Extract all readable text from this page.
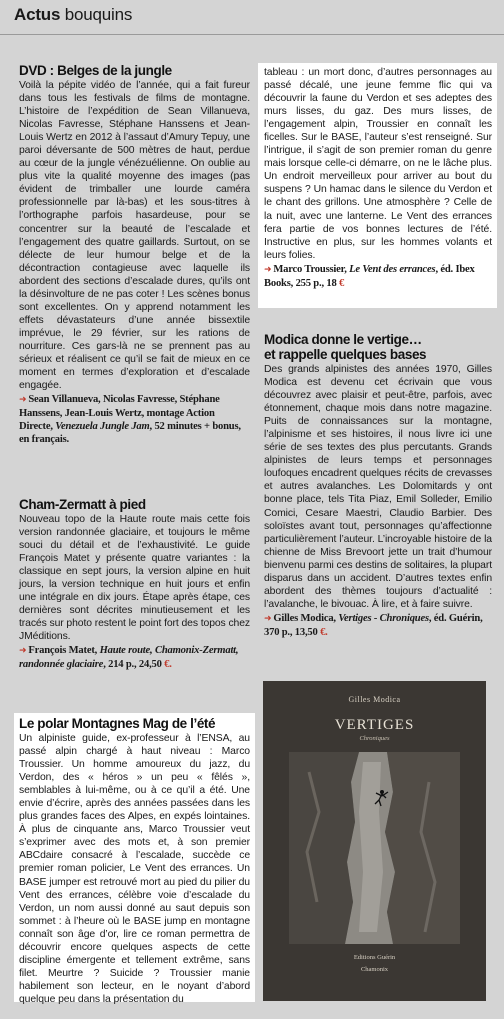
Actus bouquins
DVD : Belges de la jungle

Voilà la pépite vidéo de l’année, qui a fait fureur dans tous les festivals de films de montagne. L’histoire de l’expédition de Sean Villanueva, Nicolas Favresse, Stéphane Hanssens et Jean-Louis Wertz en 2012 à l’assaut d’Amury Tepuy, une paroi déversante de 500 mètres de haut, perdue au cœur de la jungle vénézuélienne. On oublie au plus vite la qualité moyenne des images (pas évident de trimballer une lourde caméra professionnelle par là-bas) et les sous-titres à l’orthographe parfois hasardeuse, pour se concentrer sur la beauté de l’escalade et l’engagement des quatre gaillards. Surtout, on se délecte de leur humour belge et de la décontraction contagieuse avec laquelle ils abordent des sections d’escalade dures, qu’ils ont la désinvolture de ne pas coter ! Les scènes bonus sont excellentes. On y apprend notamment les effets dévastateurs d’une année bissextile imprévue, le 29 février, sur les rations de nourriture. Ces gars-là ne se prennent pas au sérieux et réalisent ce qu’il se fait de mieux en ce moment en termes d’exploration et d’escalade engagée.

➜ Sean Villanueva, Nicolas Favresse, Stéphane Hanssens, Jean-Louis Wertz, montage Action Directe, Venezuela Jungle Jam, 52 minutes + bonus, en français.
Cham-Zermatt à pied

Nouveau topo de la Haute route mais cette fois version randonnée glaciaire, et toujours le même souci du détail et de l’exhaustivité. Le guide François Matet y présente quatre variantes : la classique en sept jours, la version alpine en huit jours, la version technique en huit jours et enfin une intégrale en dix jours. Étape après étape, ces dernières sont décrites minutieusement et les tracés sur photo restent le point fort des topos chez JMéditions.

➜ François Matet, Haute route, Chamonix-Zermatt, randonnée glaciaire, 214 p., 24,50 €.
Le polar Montagnes Mag de l’été

Un alpiniste guide, ex-professeur à l’ENSA, au passé alpin chargé à haut niveau : Marco Troussier. Un homme amoureux du jazz, du Verdon, des « héros » un peu « fêlés », semblables à lui-même, ou à ce qu’il a été. Une envie d’écrire, après des années passées dans les plus grandes faces des Alpes, en expés lointaines. À plus de cinquante ans, Marco Troussier veut s’exprimer avec des mots et, à son premier ABCdaire consacré à l’escalade, succède ce premier roman policier, Le Vent des errances. Un BASE jumper est retrouvé mort au pied du pilier du Vent des errances, célèbre voie d’escalade du Verdon, un nom aussi donné au saut depuis son sommet : à l’heure où le BASE jump en montagne connaît son âge d’or, lire ce roman permettra de découvrir encore quelques aspects de cette discipline émergente et tellement extrême, sans filet. Meurtre ? Suicide ? Troussier manie habilement son lecteur, en le noyant d’abord quelque peu dans la présentation du

tableau : un mort donc, d’autres personnages au passé décalé, une jeune femme flic qui va découvrir la faune du Verdon et ses adeptes des murs lisses, du gaz. Des murs lisses, de l’engagement alpin, Troussier en connaît les ficelles. Sur le BASE, l’auteur s’est renseigné. Sur l’intrigue, il s’agit de son premier roman du genre mais lorsque celle-ci démarre, on ne le lâche plus. Un endroit merveilleux pour arriver au bout du suspens ? Un hamac dans le silence du Verdon et le chant des grillons. Une atmosphère ? Celle de la nuit, avec une lanterne. Le Vent des errances fera partie de vos bonnes lectures de l’été. Instructive en plus, sur les hommes volants et leurs folies.

➜ Marco Troussier, Le Vent des errances, éd. Ibex Books, 255 p., 18 €
Modica donne le vertige…
et rappelle quelques bases

Des grands alpinistes des années 1970, Gilles Modica est devenu cet écrivain que vous découvrez avec plaisir et peut-être, parfois, avec étonnement, chaque mois dans notre magazine. Puits de connaissances sur la montagne, l’alpinisme et ses histoires, il nous livre ici une série de ses textes des plus percutants. Grands alpinistes de leurs temps et personnages loufoques encadrent quelques récits de crevasses et autres avalanches. Les Dolomitards y ont bonne place, tels Tita Piaz, Emil Solleder, Emilio Comici, Cesare Maestri, Claudio Barbier. Des soloïstes avant tout, personnages qu’affectionne particulièrement l’auteur. L’incroyable histoire de la chienne de Miss Brevoort jette un trait d’humour bienvenu parmi ces destins de solitaires, la plupart disparus dans un accident. D’autres textes enfin abordent des thèmes toujours d’actualité : l’avalanche, le bivouac. À lire, et à faire suivre.

➜ Gilles Modica, Vertiges - Chroniques, éd. Guérin, 370 p., 13,50 €.
Gilles Modica
VERTIGES
Chroniques
Editions Guérin
Chamonix
